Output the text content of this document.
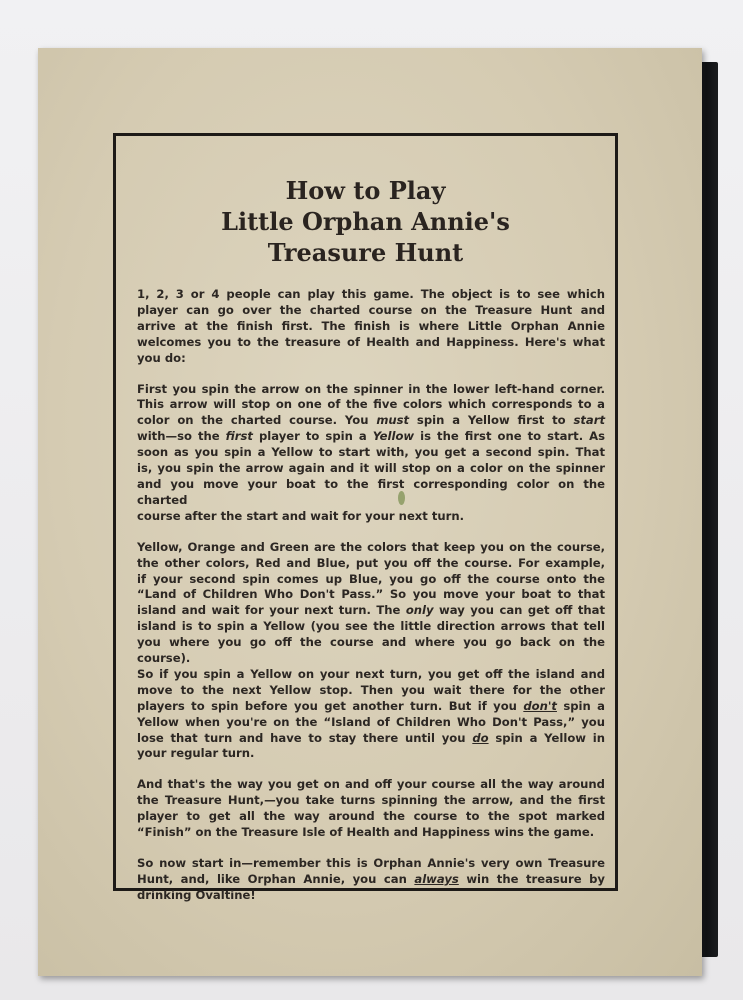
How to Play
Little Orphan Annie's
Treasure Hunt

1, 2, 3 or 4 people can play this game. The object is to see which
player can go over the charted course on the Treasure Hunt and
arrive at the finish first. The finish is where Little Orphan Annie
welcomes you to the treasure of Health and Happiness. Here's what
you do:

First you spin the arrow on the spinner in the lower left-hand corner.
This arrow will stop on one of the five colors which corresponds to a
color on the charted course. You must spin a Yellow first to start
with—so the first player to spin a Yellow is the first one to start. As
soon as you spin a Yellow to start with, you get a second spin. That
is, you spin the arrow again and it will stop on a color on the spinner
and you move your boat to the first corresponding color on the charted
course after the start and wait for your next turn.

Yellow, Orange and Green are the colors that keep you on the course,
the other colors, Red and Blue, put you off the course. For example,
if your second spin comes up Blue, you go off the course onto the
“Land of Children Who Don't Pass.” So you move your boat to that
island and wait for your next turn. The only way you can get off that
island is to spin a Yellow (you see the little direction arrows that tell
you where you go off the course and where you go back on the course).
So if you spin a Yellow on your next turn, you get off the island and
move to the next Yellow stop. Then you wait there for the other
players to spin before you get another turn. But if you don't spin a
Yellow when you're on the “Island of Children Who Don't Pass,” you
lose that turn and have to stay there until you do spin a Yellow in
your regular turn.

And that's the way you get on and off your course all the way around
the Treasure Hunt,—you take turns spinning the arrow, and the first
player to get all the way around the course to the spot marked
“Finish” on the Treasure Isle of Health and Happiness wins the game.

So now start in—remember this is Orphan Annie's very own Treasure
Hunt, and, like Orphan Annie, you can always win the treasure by
drinking Ovaltine!
